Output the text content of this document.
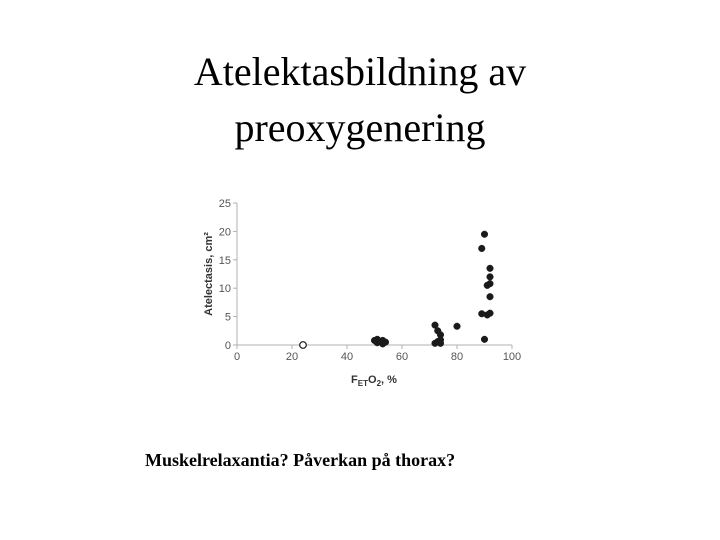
Atelektasbildning av
preoxygenering
0
5
10
15
20
25
0	20	40	60	80	100
Atelectasis, cm²
$F_{ET}O_2$, %
Muskelrelaxantia? Påverkan på thorax?
